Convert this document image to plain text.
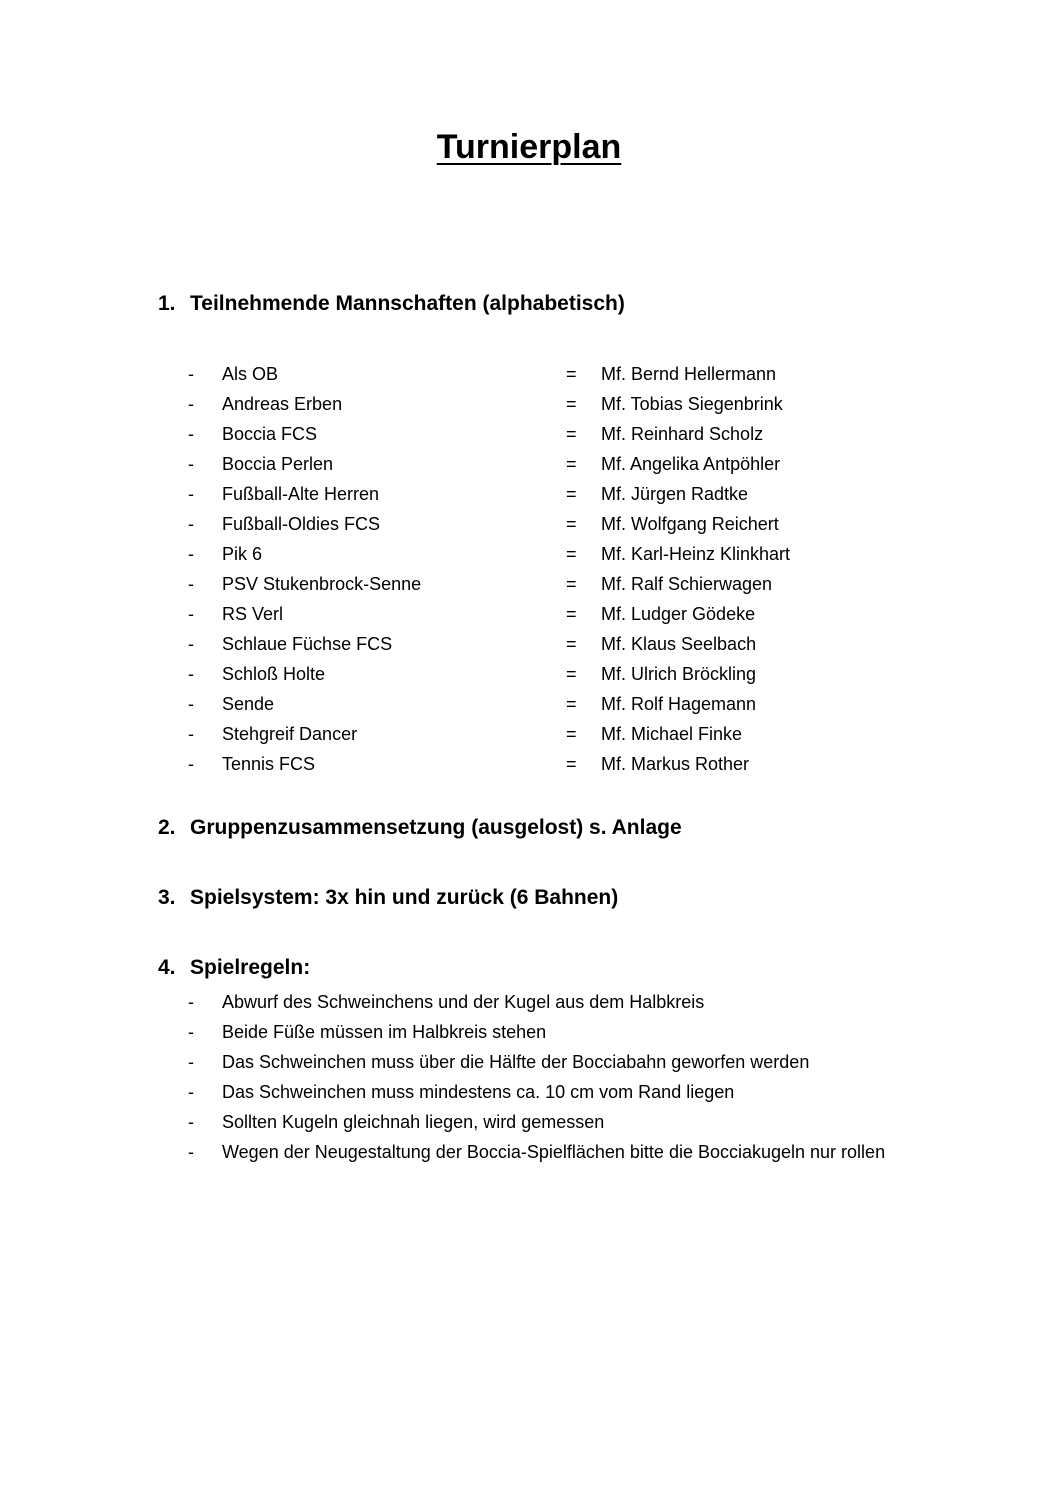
Turnierplan
1. Teilnehmende Mannschaften (alphabetisch)
- Als OB	= Mf. Bernd Hellermann
- Andreas Erben	= Mf. Tobias Siegenbrink
- Boccia FCS	= Mf. Reinhard Scholz
- Boccia Perlen	= Mf. Angelika Antpöhler
- Fußball-Alte Herren	= Mf. Jürgen Radtke
- Fußball-Oldies FCS	= Mf. Wolfgang Reichert
- Pik 6	= Mf. Karl-Heinz Klinkhart
- PSV Stukenbrock-Senne	= Mf. Ralf Schierwagen
- RS Verl	= Mf. Ludger Gödeke
- Schlaue Füchse FCS	= Mf. Klaus Seelbach
- Schloß Holte	= Mf. Ulrich Bröckling
- Sende	= Mf. Rolf Hagemann
- Stehgreif Dancer	= Mf. Michael Finke
- Tennis FCS	= Mf. Markus Rother
2. Gruppenzusammensetzung (ausgelost) s. Anlage
3. Spielsystem: 3x hin und zurück (6 Bahnen)
4. Spielregeln:
- Abwurf des Schweinchens und der Kugel aus dem Halbkreis
- Beide Füße müssen im Halbkreis stehen
- Das Schweinchen muss über die Hälfte der Bocciabahn geworfen werden
- Das Schweinchen muss mindestens ca. 10 cm vom Rand liegen
- Sollten Kugeln gleichnah liegen, wird gemessen
- Wegen der Neugestaltung der Boccia-Spielflächen bitte die Bocciakugeln nur rollen
